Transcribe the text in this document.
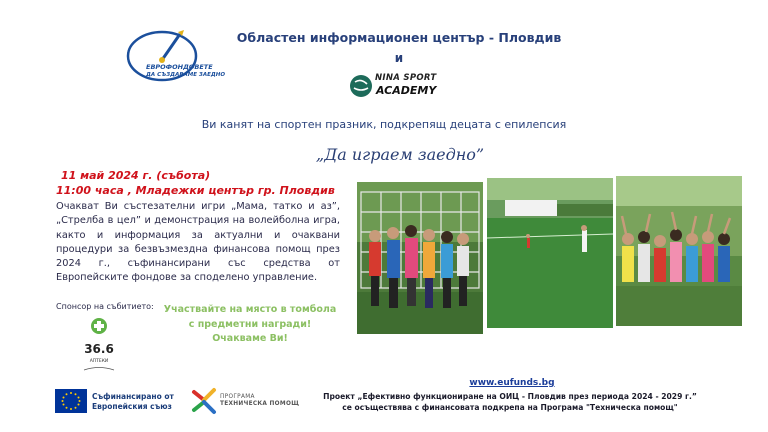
ЕВРОФОНДОВЕТЕ
ДА СЪЗДАВАМЕ ЗАЕДНО
Областен информационен център - Пловдив
и
NINA SPORT
ACADEMY
Ви канят на спортен празник, подкрепящ децата с епилепсия
„Да играем заедно”
11 май 2024 г. (събота)
11:00 часа , Младежки център гр. Пловдив
Очакват Ви състезателни игри „Мама, татко и аз”, „Стрелба в цел” и демонстрация на волейболна игра, както и информация за актуални и очаквани процедури за безвъзмездна финансова помощ през 2024 г., съфинансирани със средства от Европейските фондове за споделено управление.
Спонсор на събитието:
36.6
АПТЕКИ
Участвайте на място в томбола
с предметни награди!
Очакваме Ви!
Съфинансирано от
Европейския съюз
ПРОГРАМА
ТЕХНИЧЕСКА ПОМОЩ
www.eufunds.bg
Проект „Ефективно функциониране на ОИЦ - Пловдив през периода 2024 - 2029 г.”
се осъществява с финансовата подкрепа на Програма "Техническа помощ"
